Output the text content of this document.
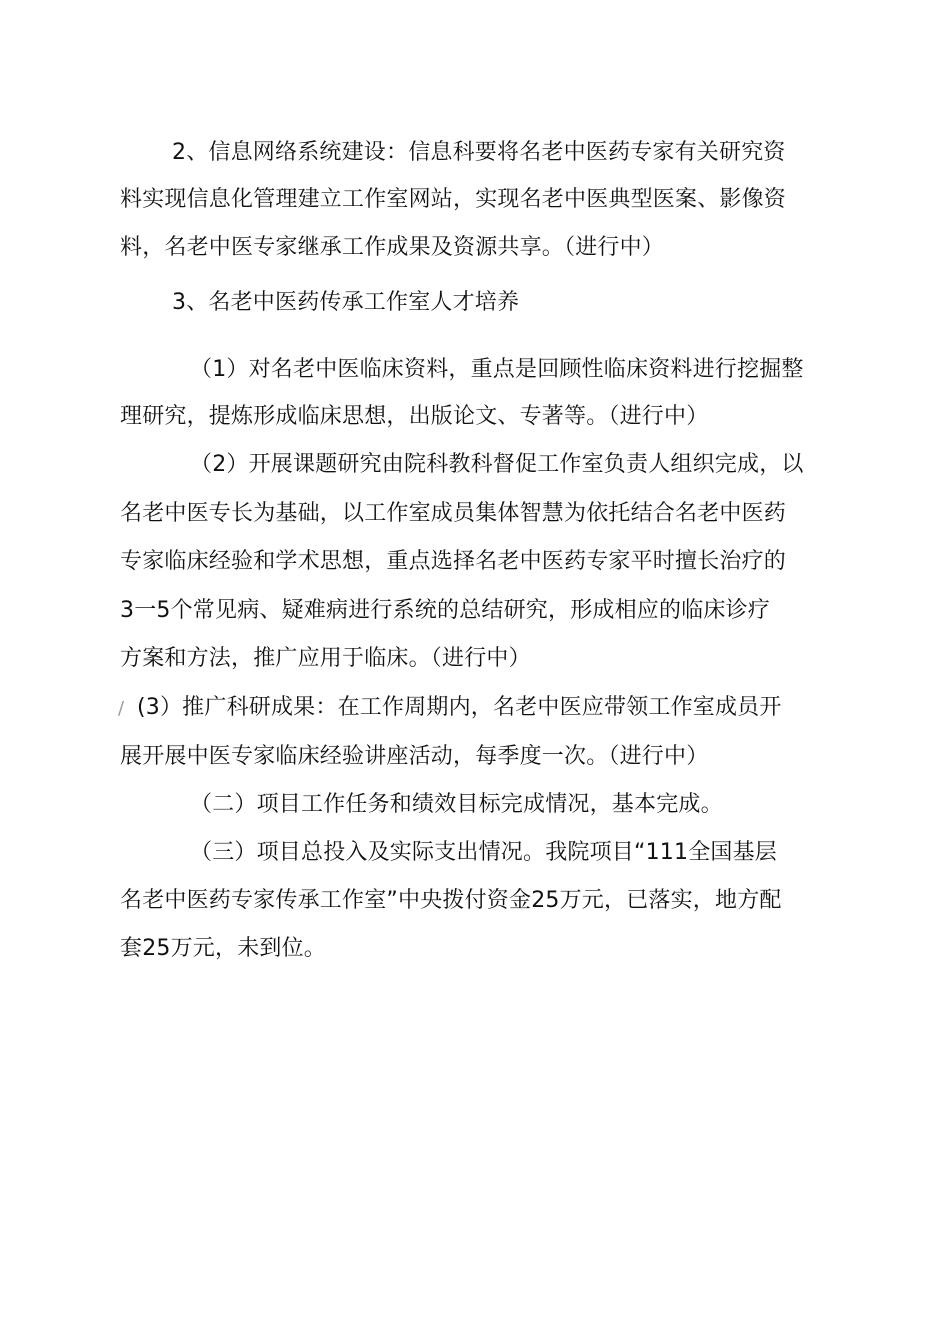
2、信息网络系统建设：信息科要将名老中医药专家有关研究资
料实现信息化管理建立工作室网站，实现名老中医典型医案、影像资
料，名老中医专家继承工作成果及资源共享。（进行中）
3、名老中医药传承工作室人才培养
（1）对名老中医临床资料，重点是回顾性临床资料进行挖掘整
理研究，提炼形成临床思想，出版论文、专著等。（进行中）
（2）开展课题研究由院科教科督促工作室负责人组织完成，以
名老中医专长为基础，以工作室成员集体智慧为依托结合名老中医药
专家临床经验和学术思想，重点选择名老中医药专家平时擅长治疗的
3一5个常见病、疑难病进行系统的总结研究，形成相应的临床诊疗
方案和方法，推广应用于临床。（进行中）
/ (3）推广科研成果：在工作周期内，名老中医应带领工作室成员开
展开展中医专家临床经验讲座活动，每季度一次。（进行中）
（二）项目工作任务和绩效目标完成情况，基本完成。
（三）项目总投入及实际支出情况。我院项目“111全国基层
名老中医药专家传承工作室”中央拨付资金25万元，已落实，地方配
套25万元，未到位。
